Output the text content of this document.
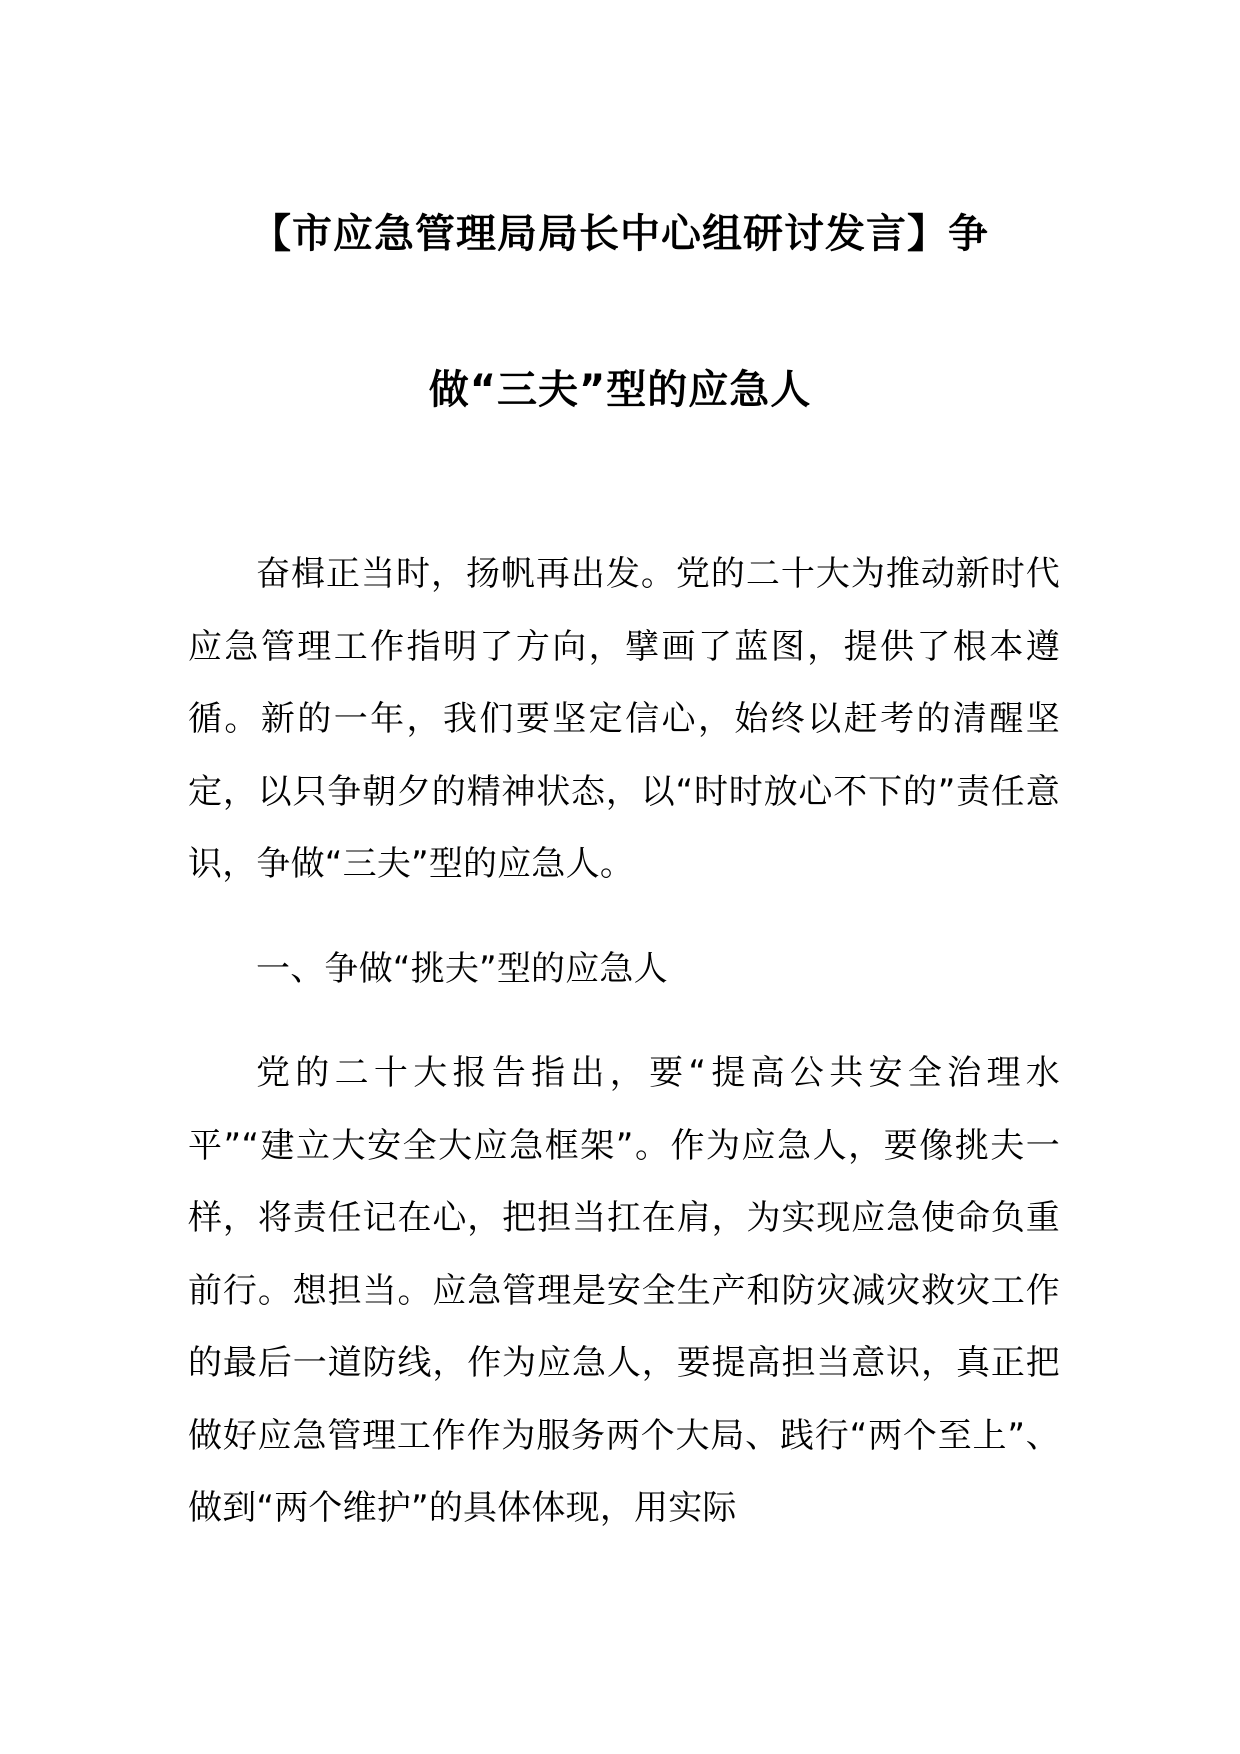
【市应急管理局局长中心组研讨发言】争
做“三夫”型的应急人

奋楫正当时，扬帆再出发。党的二十大为推动新时代应急管理工作指明了方向，擘画了蓝图，提供了根本遵循。新的一年，我们要坚定信心，始终以赶考的清醒坚定，以只争朝夕的精神状态，以“时时放心不下的”责任意识，争做“三夫”型的应急人。

一、争做“挑夫”型的应急人

党的二十大报告指出，要“提高公共安全治理水平”“建立大安全大应急框架”。作为应急人，要像挑夫一样，将责任记在心，把担当扛在肩，为实现应急使命负重前行。想担当。应急管理是安全生产和防灾减灾救灾工作的最后一道防线，作为应急人，要提高担当意识，真正把做好应急管理工作作为服务两个大局、践行“两个至上”、做到“两个维护”的具体体现，用实际
